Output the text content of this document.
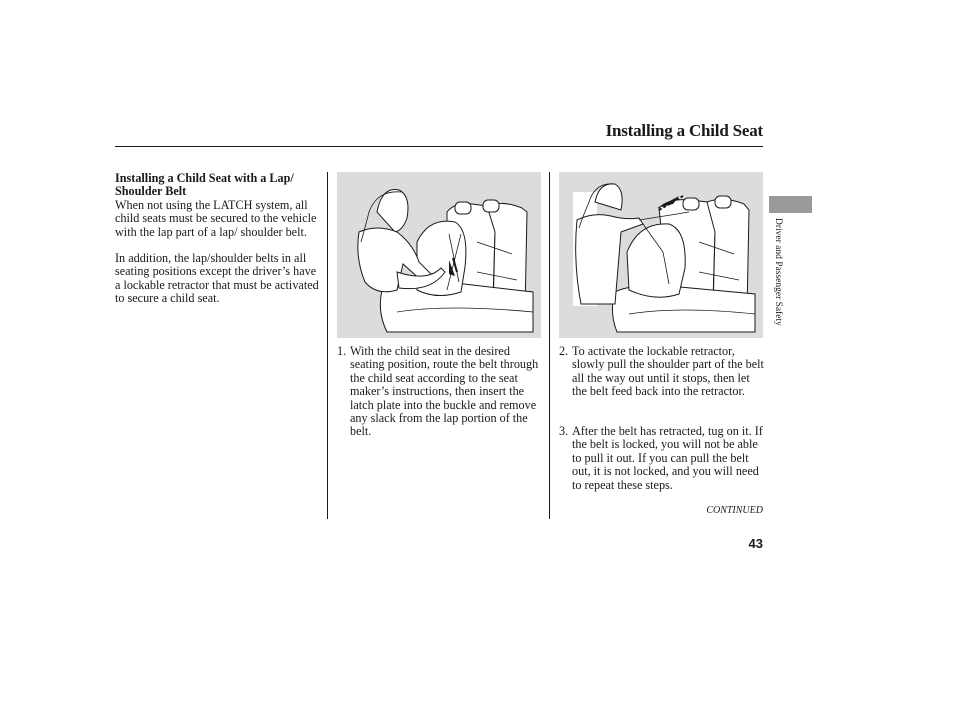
Installing a Child Seat
Installing a Child Seat with a Lap/ Shoulder Belt

When not using the LATCH system, all child seats must be secured to the vehicle with the lap part of a lap/ shoulder belt.

In addition, the lap/shoulder belts in all seating positions except the driver’s have a lockable retractor that must be activated to secure a child seat.

1. With the child seat in the desired seating position, route the belt through the child seat according to the seat maker’s instructions, then insert the latch plate into the buckle and remove any slack from the lap portion of the belt.
2. To activate the lockable retractor, slowly pull the shoulder part of the belt all the way out until it stops, then let the belt feed back into the retractor.
3. After the belt has retracted, tug on it. If the belt is locked, you will not be able to pull it out. If you can pull the belt out, it is not locked, and you will need to repeat these steps.
CONTINUED
43
Driver and Passenger Safety
